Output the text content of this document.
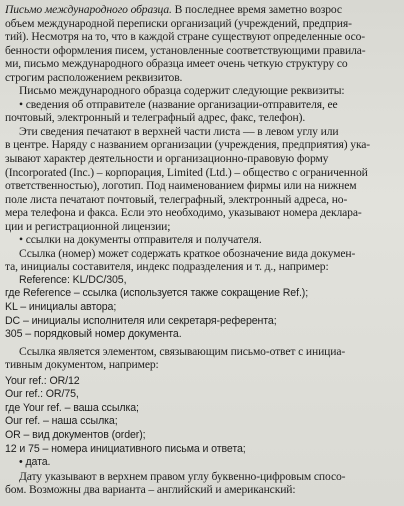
Письмо международного образца. В последнее время заметно возрос
объем международной переписки организаций (учреждений, предприя-
тий). Несмотря на то, что в каждой стране существуют определенные осо-
бенности оформления писем, установленные соответствующими правила-
ми, письмо международного образца имеет очень четкую структуру со
строгим расположением реквизитов.
Письмо международного образца содержит следующие реквизиты:
• сведения об отправителе (название организации-отправителя, ее
почтовый, электронный и телеграфный адрес, факс, телефон).
Эти сведения печатают в верхней части листа — в левом углу или
в центре. Наряду с названием организации (учреждения, предприятия) ука-
зывают характер деятельности и организационно-правовую форму
(Incorporated (Inc.) – корпорация, Limited (Ltd.) – общество с ограниченной
ответственностью), логотип. Под наименованием фирмы или на нижнем
поле листа печатают почтовый, телеграфный, электронный адреса, но-
мера телефона и факса. Если это необходимо, указывают номера деклара-
ции и регистрационной лицензии;
• ссылки на документы отправителя и получателя.
Ссылка (номер) может содержать краткое обозначение вида докумен-
та, инициалы составителя, индекс подразделения и т. д., например:
Reference: KL/DC/305,
где Reference – ссылка (используется также сокращение Ref.);
KL – инициалы автора;
DC – инициалы исполнителя или секретаря-референта;
305 – порядковый номер документа.
Ссылка является элементом, связывающим письмо-ответ с инициа-
тивным документом, например:
Your ref.: OR/12
Our ref.: OR/75,
где Your ref. – ваша ссылка;
Our ref. – наша ссылка;
OR – вид документов (order);
12 и 75 – номера инициативного письма и ответа;
• дата.
Дату указывают в верхнем правом углу буквенно-цифровым спосо-
бом. Возможны два варианта – английский и американский:
